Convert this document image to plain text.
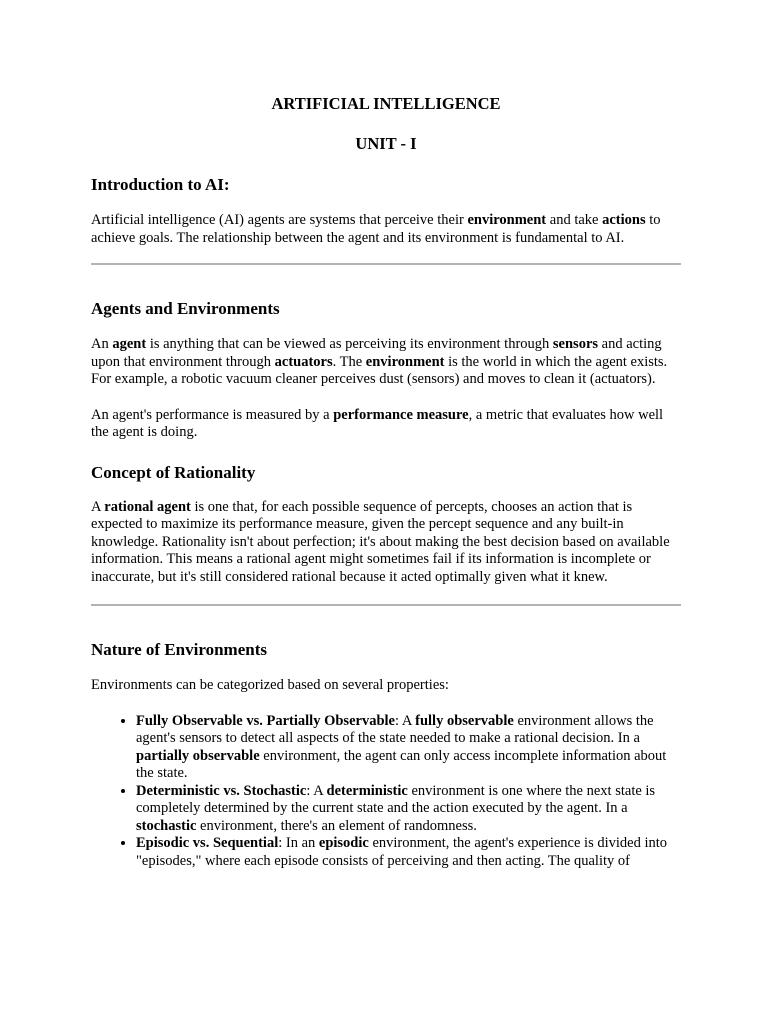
ARTIFICIAL INTELLIGENCE
UNIT - I
Introduction to AI:

Artificial intelligence (AI) agents are systems that perceive their environment and take actions to achieve goals. The relationship between the agent and its environment is fundamental to AI.

Agents and Environments

An agent is anything that can be viewed as perceiving its environment through sensors and acting upon that environment through actuators. The environment is the world in which the agent exists. For example, a robotic vacuum cleaner perceives dust (sensors) and moves to clean it (actuators).

An agent's performance is measured by a performance measure, a metric that evaluates how well the agent is doing.

Concept of Rationality

A rational agent is one that, for each possible sequence of percepts, chooses an action that is expected to maximize its performance measure, given the percept sequence and any built-in knowledge. Rationality isn't about perfection; it's about making the best decision based on available information. This means a rational agent might sometimes fail if its information is incomplete or inaccurate, but it's still considered rational because it acted optimally given what it knew.

Nature of Environments

Environments can be categorized based on several properties:

• Fully Observable vs. Partially Observable: A fully observable environment allows the agent's sensors to detect all aspects of the state needed to make a rational decision. In a partially observable environment, the agent can only access incomplete information about the state.
• Deterministic vs. Stochastic: A deterministic environment is one where the next state is completely determined by the current state and the action executed by the agent. In a stochastic environment, there's an element of randomness.
• Episodic vs. Sequential: In an episodic environment, the agent's experience is divided into "episodes," where each episode consists of perceiving and then acting. The quality of
